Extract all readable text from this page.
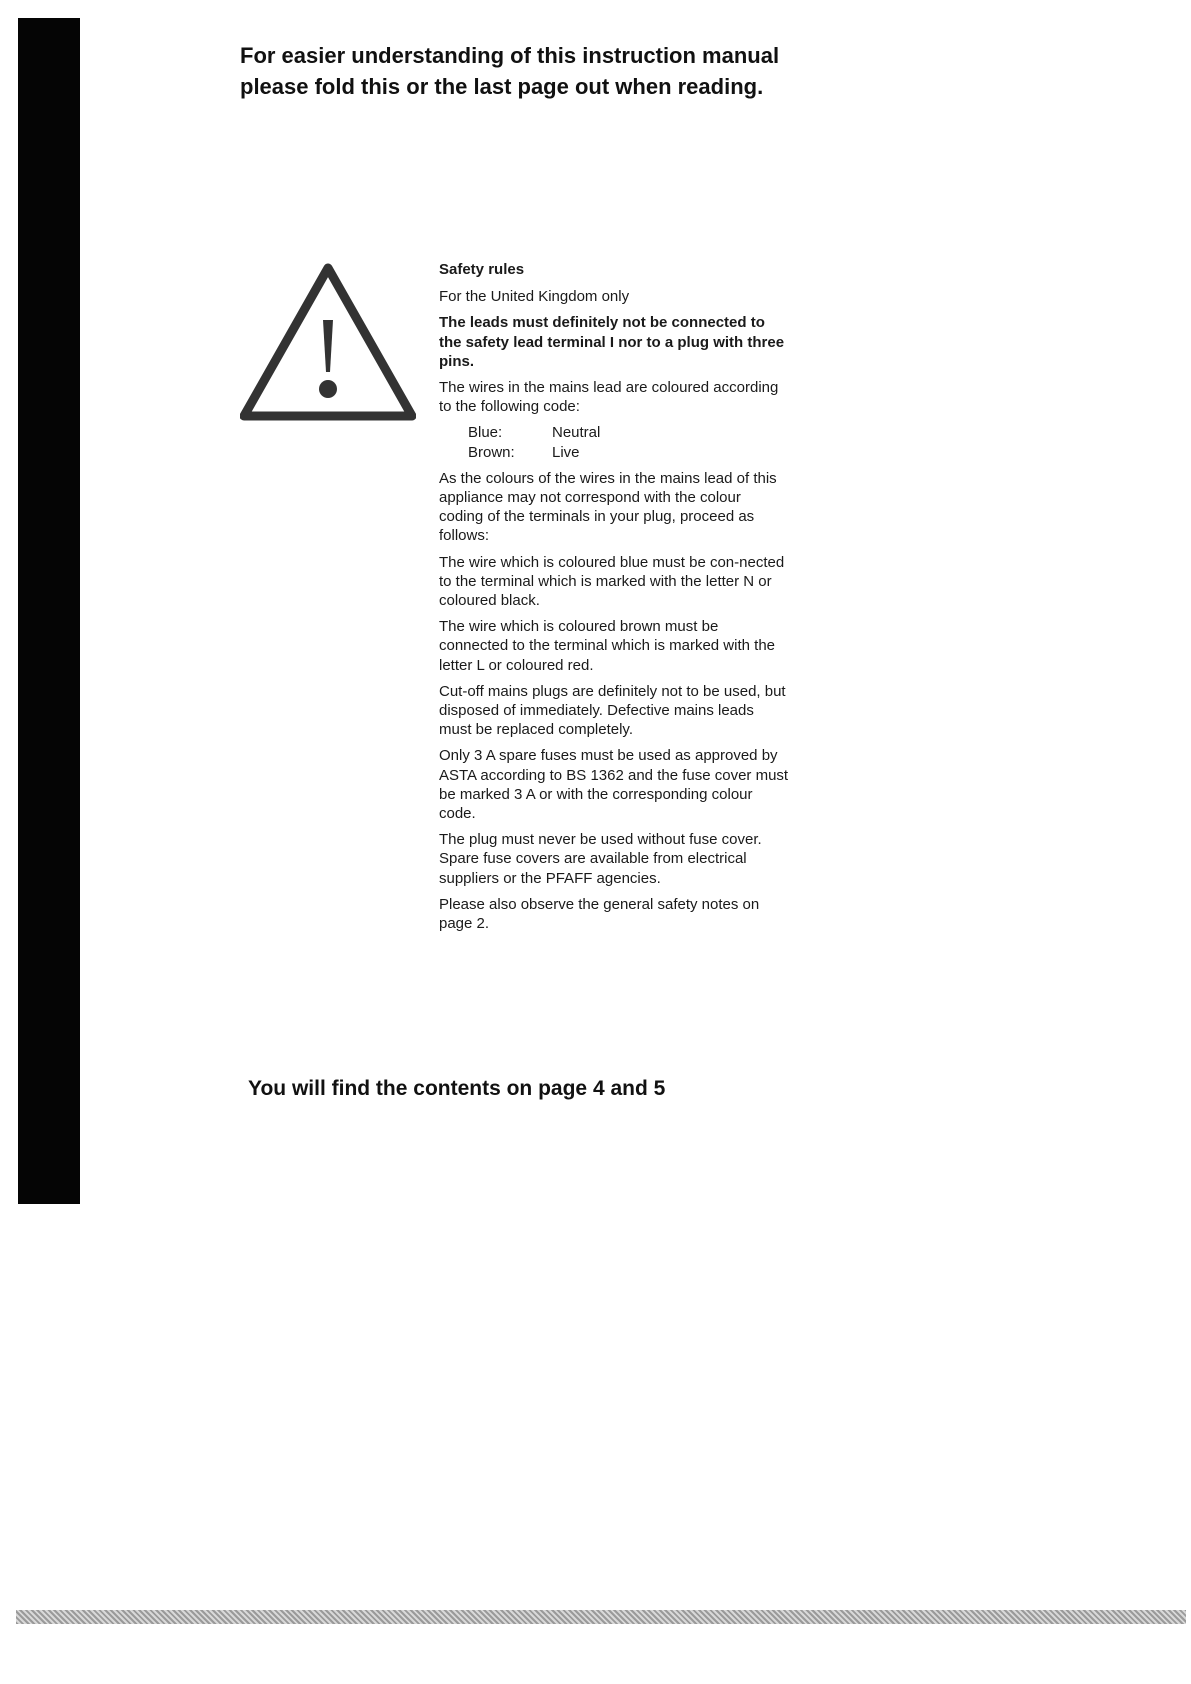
For easier understanding of this instruction manual
please fold this or the last page out when reading.
Safety rules

For the United Kingdom only

The leads must definitely not be connected to the safety lead terminal I nor to a plug with three pins.

The wires in the mains lead are coloured according to the following code:

Blue:	Neutral
Brown:	Live

As the colours of the wires in the mains lead of this appliance may not correspond with the colour coding of the terminals in your plug, proceed as follows:

The wire which is coloured blue must be con-nected to the terminal which is marked with the letter N or coloured black.

The wire which is coloured brown must be connected to the terminal which is marked with the letter L or coloured red.

Cut-off mains plugs are definitely not to be used, but disposed of immediately. Defective mains leads must be replaced completely.

Only 3 A spare fuses must be used as approved by ASTA according to BS 1362 and the fuse cover must be marked 3 A or with the corresponding colour code.

The plug must never be used without fuse cover. Spare fuse covers are available from electrical suppliers or the PFAFF agencies.

Please also observe the general safety notes on page 2.

You will find the contents on page 4 and 5
